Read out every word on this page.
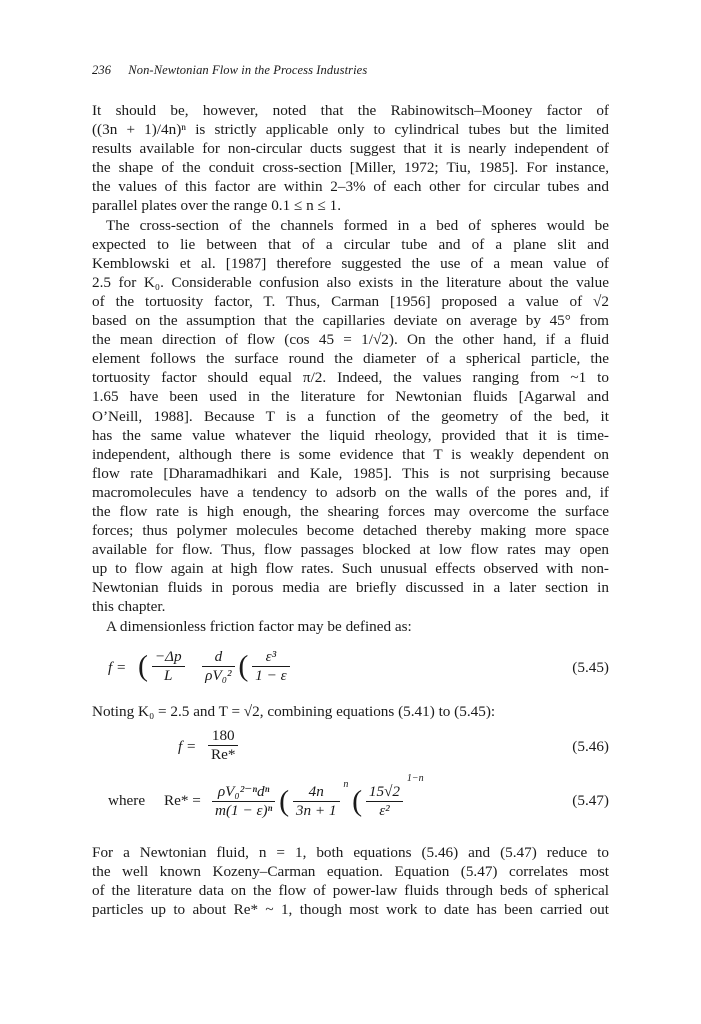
236 Non-Newtonian Flow in the Process Industries
It should be, however, noted that the Rabinowitsch–Mooney factor of
((3n + 1)/4n)ⁿ is strictly applicable only to cylindrical tubes but the limited
results available for non-circular ducts suggest that it is nearly independent of
the shape of the conduit cross-section [Miller, 1972; Tiu, 1985]. For instance,
the values of this factor are within 2–3% of each other for circular tubes and
parallel plates over the range 0.1 ≤ n ≤ 1.
The cross-section of the channels formed in a bed of spheres would be
expected to lie between that of a circular tube and of a plane slit and
Kemblowski et al. [1987] therefore suggested the use of a mean value of
2.5 for K₀. Considerable confusion also exists in the literature about the value
of the tortuosity factor, T. Thus, Carman [1956] proposed a value of √2
based on the assumption that the capillaries deviate on average by 45° from
the mean direction of flow (cos 45 = 1/√2). On the other hand, if a fluid
element follows the surface round the diameter of a spherical particle, the
tortuosity factor should equal π/2. Indeed, the values ranging from ~1 to
1.65 have been used in the literature for Newtonian fluids [Agarwal and
O’Neill, 1988]. Because T is a function of the geometry of the bed, it
has the same value whatever the liquid rheology, provided that it is time-
independent, although there is some evidence that T is weakly dependent on
flow rate [Dharamadhikari and Kale, 1985]. This is not surprising because
macromolecules have a tendency to adsorb on the walls of the pores and, if
the flow rate is high enough, the shearing forces may overcome the surface
forces; thus polymer molecules become detached thereby making more space
available for flow. Thus, flow passages blocked at low flow rates may open
up to flow again at high flow rates. Such unusual effects observed with non-
Newtonian fluids in porous media are briefly discussed in a later section in
this chapter.
A dimensionless friction factor may be defined as:
f = ( $\frac{-\Delta p}{L}$
$\frac{d}{\text{ρV₀²}}$ ( $\frac{\text{ε³}}{1 - \varepsilon}$	(5.45)
Noting K₀ = 2.5 and T = √2, combining equations (5.41) to (5.45):
$f = \frac{180}{Re*}$	(5.46)
where $Re* = \frac{\text{ρV₀²⁻ⁿdⁿ}}{\text{m(1 − ε)ⁿ}}$ ( $\frac{4n}{3n + 1} ^n$ ( $\frac{15√2}{\text{ε²}}$
$^{1-n}$
(5.47)
For a Newtonian fluid, n = 1, both equations (5.46) and (5.47) reduce to
the well known Kozeny–Carman equation. Equation (5.47) correlates most
of the literature data on the flow of power-law fluids through beds of spherical
particles up to about Re* ~ 1, though most work to date has been carried out
